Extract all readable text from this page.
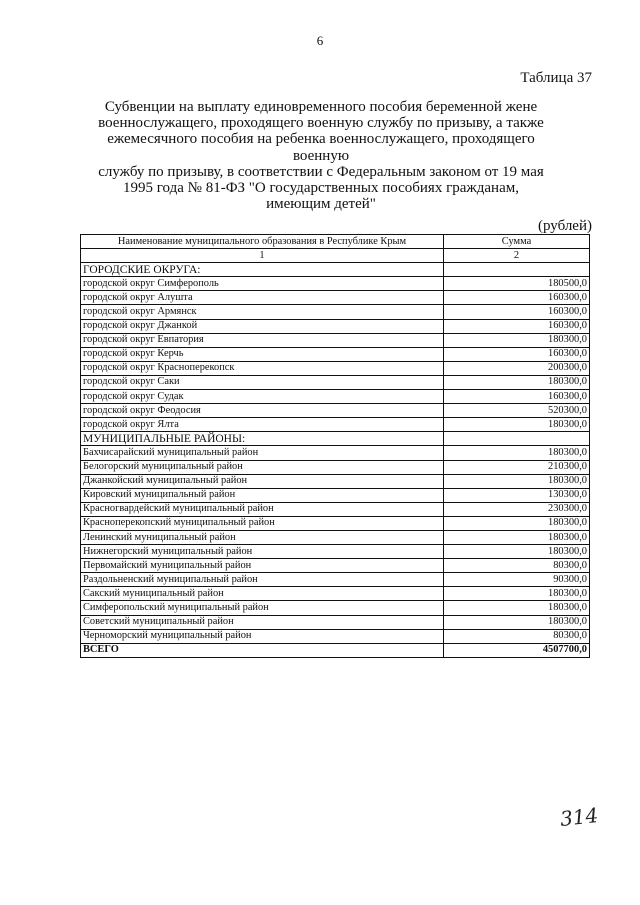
6
Таблица 37
Субвенции на выплату единовременного пособия беременной жене
военнослужащего, проходящего военную службу по призыву, а также
ежемесячного пособия на ребенка военнослужащего, проходящего военную
службу по призыву, в соответствии с Федеральным законом от 19 мая
1995 года № 81-ФЗ "О государственных пособиях гражданам,
имеющим детей"
(рублей)
Наименование муниципального образования в Республике Крым	Сумма
1	2
ГОРОДСКИЕ ОКРУГА:	
городской округ Симферополь	180500,0
городской округ Алушта	160300,0
городской округ Армянск	160300,0
городской округ Джанкой	160300,0
городской округ Евпатория	180300,0
городской округ Керчь	160300,0
городской округ Красноперекопск	200300,0
городской округ Саки	180300,0
городской округ Судак	160300,0
городской округ Феодосия	520300,0
городской округ Ялта	180300,0
МУНИЦИПАЛЬНЫЕ РАЙОНЫ:	
Бахчисарайский муниципальный район	180300,0
Белогорский муниципальный район	210300,0
Джанкойский муниципальный район	180300,0
Кировский муниципальный район	130300,0
Красногвардейский муниципальный район	230300,0
Красноперекопский муниципальный район	180300,0
Ленинский муниципальный район	180300,0
Нижнегорский муниципальный район	180300,0
Первомайский муниципальный район	80300,0
Раздольненский муниципальный район	90300,0
Сакский муниципальный район	180300,0
Симферопольский муниципальный район	180300,0
Советский муниципальный район	180300,0
Черноморский муниципальный район	80300,0
ВСЕГО	4507700,0
314
